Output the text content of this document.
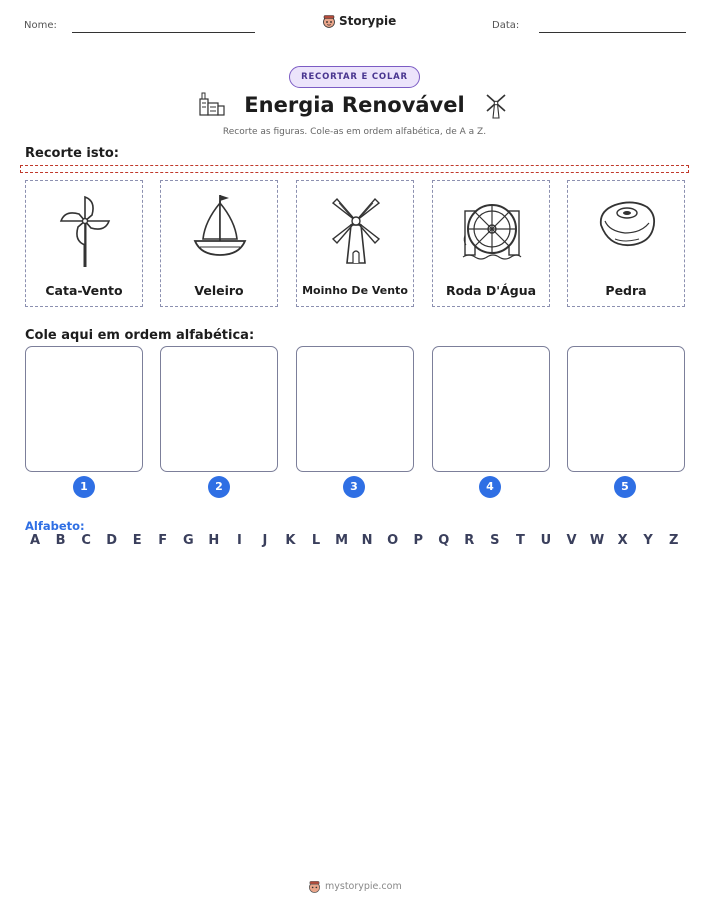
Nome:	Storypie	Data:
RECORTAR E COLAR
Energia Renovável
Recorte as figuras. Cole-as em ordem alfabética, de A a Z.
Recorte isto:
Cata-Vento	Veleiro	Moinho De Vento	Roda D'Água	Pedra
Cole aqui em ordem alfabética:
1	2	3	4	5
Alfabeto:
A	B	C	D	E	F	G	H	I	J	K	L	M	N	O	P	Q	R	S	T	U	V	W	X	Y	Z
mystorypie.com
